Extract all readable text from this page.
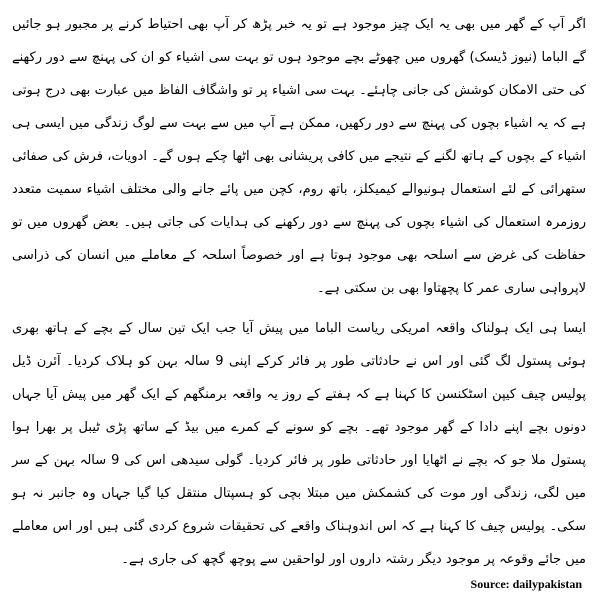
اگر آپ کے گھر میں بھی یہ ایک چیز موجود ہے تو یہ خبر پڑھ کر آپ بھی احتیاط کرنے پر مجبور ہو جائیں گے الباما (نیوز ڈیسک) گھروں میں چھوٹے بچے موجود ہوں تو بہت سی اشیاء کو ان کی پہنچ سے دور رکھنے کی حتی الامکان کوشش کی جانی چاہئے۔ بہت سی اشیاء پر تو واشگاف الفاظ میں عبارت بھی درج ہوتی ہے کہ یہ اشیاء بچوں کی پہنچ سے دور رکھیں، ممکن ہے آپ میں سے بہت سے لوگ زندگی میں ایسی ہی اشیاء کے بچوں کے ہاتھ لگنے کے نتیجے میں کافی پریشانی بھی اٹھا چکے ہوں گے۔ ادویات، فرش کی صفائی ستھرائی کے لئے استعمال ہونیوالے کیمیکلز، باتھ روم، کچن میں پائے جانے والی مختلف اشیاء سمیت متعدد روزمرہ استعمال کی اشیاء بچوں کی پہنچ سے دور رکھنے کی ہدایات کی جاتی ہیں۔ بعض گھروں میں تو حفاظت کی غرض سے اسلحہ بھی موجود ہوتا ہے اور خصوصاً اسلحہ کے معاملے میں انسان کی ذراسی لاپرواہی ساری عمر کا پچھتاوا بھی بن سکتی ہے۔

ایسا ہی ایک ہولناک واقعہ امریکی ریاست الباما میں پیش آیا جب ایک تین سال کے بچے کے ہاتھ بھری ہوئی پستول لگ گئی اور اس نے حادثاتی طور پر فائر کرکے اپنی 9 سالہ بہن کو ہلاک کردیا۔ آئرن ڈیل پولیس چیف کیپن اسٹکنسن کا کہنا ہے کہ ہفتے کے روز یہ واقعہ برمنگھم کے ایک گھر میں پیش آیا جہاں دونوں بچے اپنے دادا کے گھر موجود تھے۔ بچے کو سونے کے کمرے میں بیڈ کے ساتھ پڑی ٹیبل پر بھرا ہوا پستول ملا جو کہ بچے نے اٹھایا اور حادثاتی طور پر فائر کردیا۔ گولی سیدھی اس کی 9 سالہ بہن کے سر میں لگی، زندگی اور موت کی کشمکش میں مبتلا بچی کو ہسپتال منتقل کیا گیا جہاں وہ جانبر نہ ہو سکی۔ پولیس چیف کا کہنا ہے کہ اس اندوہناک واقعے کی تحقیقات شروع کردی گئی ہیں اور اس معاملے میں جائے وقوعہ پر موجود دیگر رشتہ داروں اور لواحقین سے پوچھ گچھ کی جاری ہے۔

Source: dailypakistan
